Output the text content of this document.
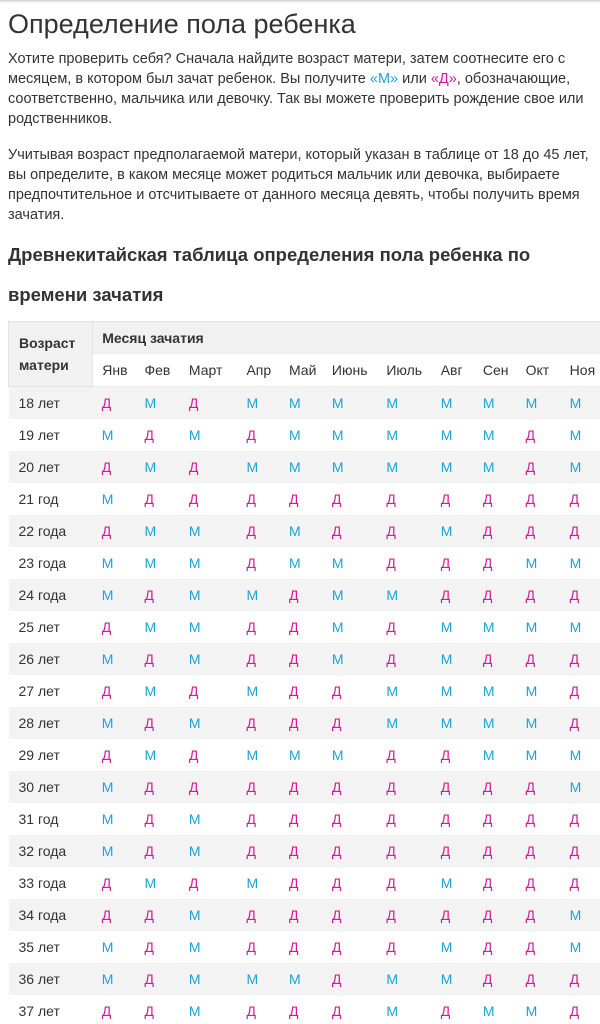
Определение пола ребенка

Хотите проверить себя? Сначала найдите возраст матери, затем соотнесите его с месяцем, в котором был зачат ребенок. Вы получите «М» или «Д», обозначающие, соответственно, мальчика или девочку. Так вы можете проверить рождение свое или родственников.

Учитывая возраст предполагаемой матери, который указан в таблице от 18 до 45 лет, вы определите, в каком месяце может родиться мальчик или девочка, выбираете предпочтительное и отсчитываете от данного месяца девять, чтобы получить время зачатия.

Древнекитайская таблица определения пола ребенка по времени зачатия
Возраст матери	Месяц зачатия										
	Янв	Фев	Март	Апр	Май	Июнь	Июль	Авг	Сен	Окт	Ноя
18 лет	Д	М	Д	М	М	М	М	М	М	М	М
19 лет	М	Д	М	Д	М	М	М	М	М	Д	М
20 лет	Д	М	Д	М	М	М	М	М	М	Д	М
21 год	М	Д	Д	Д	Д	Д	Д	Д	Д	Д	Д
22 года	Д	М	М	Д	М	Д	Д	М	Д	Д	Д
23 года	М	М	М	Д	М	М	Д	Д	Д	М	М
24 года	М	Д	М	М	Д	М	М	Д	Д	Д	Д
25 лет	Д	М	М	Д	Д	М	Д	М	М	М	М
26 лет	М	Д	М	Д	Д	М	Д	М	Д	Д	Д
27 лет	Д	М	Д	М	Д	Д	М	М	М	М	Д
28 лет	М	Д	М	Д	Д	Д	М	М	М	М	Д
29 лет	Д	М	Д	М	М	М	Д	Д	М	М	М
30 лет	М	Д	Д	Д	Д	Д	Д	Д	Д	Д	М
31 год	М	Д	М	Д	Д	Д	Д	Д	Д	Д	Д
32 года	М	Д	М	Д	Д	Д	Д	Д	Д	Д	Д
33 года	Д	М	Д	М	Д	Д	Д	М	Д	Д	Д
34 года	Д	Д	М	Д	Д	Д	Д	Д	Д	Д	М
35 лет	М	Д	М	Д	Д	Д	Д	М	Д	Д	М
36 лет	М	Д	М	М	М	Д	М	М	Д	Д	Д
37 лет	Д	Д	М	Д	Д	Д	М	Д	М	М	Д
